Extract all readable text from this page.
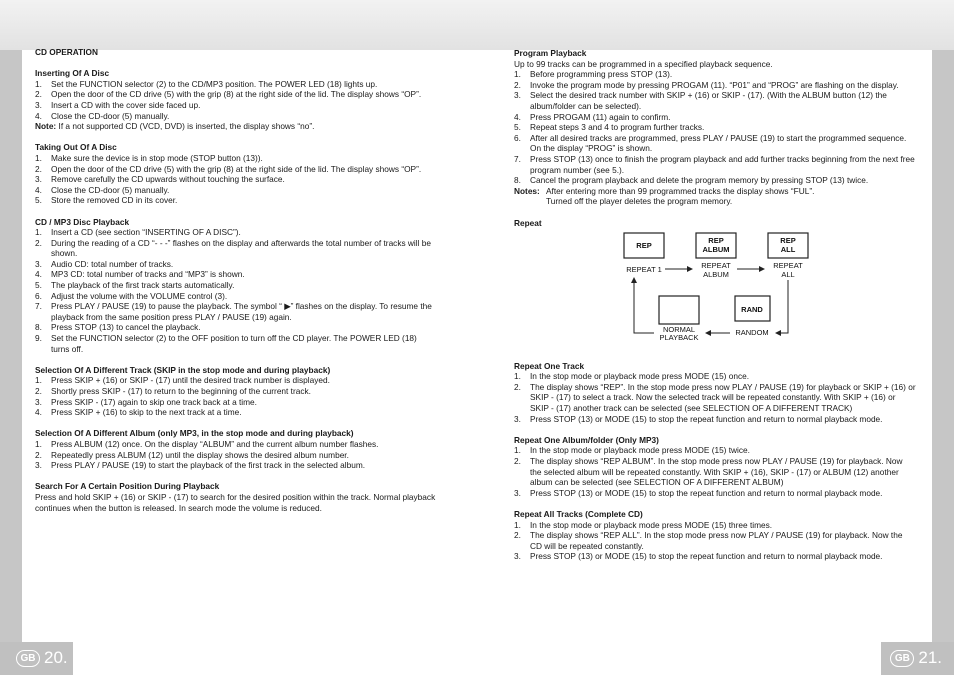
GB 20.	GB 21.

CD OPERATION

Inserting Of A Disc

1.	Set the FUNCTION selector (2) to the CD/MP3 position. The POWER LED (18) lights up.
2.	Open the door of the CD drive (5) with the grip (8) at the right side of the lid. The display shows “OP”.
3.	Insert a CD with the cover side faced up.
4.	Close the CD-door (5) manually.

Note: If a not supported CD (VCD, DVD) is inserted, the display shows “no”.

Taking Out Of A Disc

1.	Make sure the device is in stop mode (STOP button (13)).
2.	Open the door of the CD drive (5) with the grip (8) at the right side of the lid. The display shows “OP”.
3.	Remove carefully the CD upwards without touching the surface.
4.	Close the CD-door (5) manually.
5.	Store the removed CD in its cover.

CD / MP3 Disc Playback

1.	Insert a CD (see section “INSERTING OF A DISC”).
2.	During the reading of a CD “- - -” flashes on the display and afterwards the total number of tracks will be shown.
3.	Audio CD: total number of tracks.
4.	MP3 CD: total number of tracks and “MP3” is shown.
5.	The playback of the first track starts automatically.
6.	Adjust the volume with the VOLUME control (3).
7.	Press PLAY / PAUSE (19) to pause the playback. The symbol “ ▶” flashes on the display. To resume the playback from the same position press PLAY / PAUSE (19) again.
8.	Press STOP (13) to cancel the playback.
9.	Set the FUNCTION selector (2) to the OFF position to turn off the CD player. The POWER LED (18) turns off.

Selection Of A Different Track (SKIP in the stop mode and during playback)

1.	Press SKIP + (16) or SKIP - (17) until the desired track number is displayed.
2.	Shortly press SKIP - (17) to return to the beginning of the current track.
3.	Press SKIP - (17) again to skip one track back at a time.
4.	Press SKIP + (16) to skip to the next track at a time.

Selection Of A Different Album (only MP3, in the stop mode and during playback)

1.	Press ALBUM (12) once. On the display “ALBUM” and the current album number flashes.
2.	Repeatedly press ALBUM (12) until the display shows the desired album number.
3.	Press PLAY / PAUSE (19) to start the playback of the first track in the selected album.

Search For A Certain Position During Playback

Press and hold SKIP + (16) or SKIP - (17) to search for the desired position within the track. Normal playback continues when the button is released. In search mode the volume is reduced.

Program Playback

Up to 99 tracks can be programmed in a specified playback sequence.

1.	Before programming press STOP (13).
2.	Invoke the program mode by pressing PROGAM (11). “P01” and “PROG” are flashing on the display.
3.	Select the desired track number with SKIP + (16) or SKIP - (17). (With the ALBUM button (12) the album/folder can be selected).
4.	Press PROGAM (11) again to confirm.
5.	Repeat steps 3 and 4 to program further tracks.
6.	After all desired tracks are programmed, press PLAY / PAUSE (19) to start the programmed sequence. On the display “PROG” is shown.
7.	Press STOP (13) once to finish the program playback and add further tracks beginning from the next free program number (see 5.).
8.	Cancel the program playback and delete the program memory by pressing STOP (13) twice.
Notes: After entering more than 99 programmed tracks the display shows “FUL”.

Turned off the player deletes the program memory.

Repeat

REP
REP
ALBUM
REP
ALL
RAND
REPEAT 1	REPEAT
ALBUM
REPEAT
ALL
RANDOM
NORMAL
PLAYBACK

Repeat One Track

1.	In the stop mode or playback mode press MODE (15) once.
2.	The display shows “REP”. In the stop mode press now PLAY / PAUSE (19) for playback or SKIP + (16) or SKIP - (17) to select a track. Now the selected track will be repeated constantly. With SKIP + (16) or SKIP - (17) another track can be selected (see SELECTION OF A DIFFERENT TRACK)
3.	Press STOP (13) or MODE (15) to stop the repeat function and return to normal playback mode.

Repeat One Album/folder (Only MP3)

1.	In the stop mode or playback mode press MODE (15) twice.
2.	The display shows “REP ALBUM”. In the stop mode press now PLAY / PAUSE (19) for playback. Now the selected album will be repeated constantly. With SKIP + (16), SKIP - (17) or ALBUM (12) another album can be selected (see SELECTION OF A DIFFERENT ALBUM)
3.	Press STOP (13) or MODE (15) to stop the repeat function and return to normal playback mode.

Repeat All Tracks (Complete CD)

1.	In the stop mode or playback mode press MODE (15) three times.
2.	The display shows “REP ALL”. In the stop mode press now PLAY / PAUSE (19) for playback. Now the CD will be repeated constantly.
3.	Press STOP (13) or MODE (15) to stop the repeat function and return to normal playback mode.
